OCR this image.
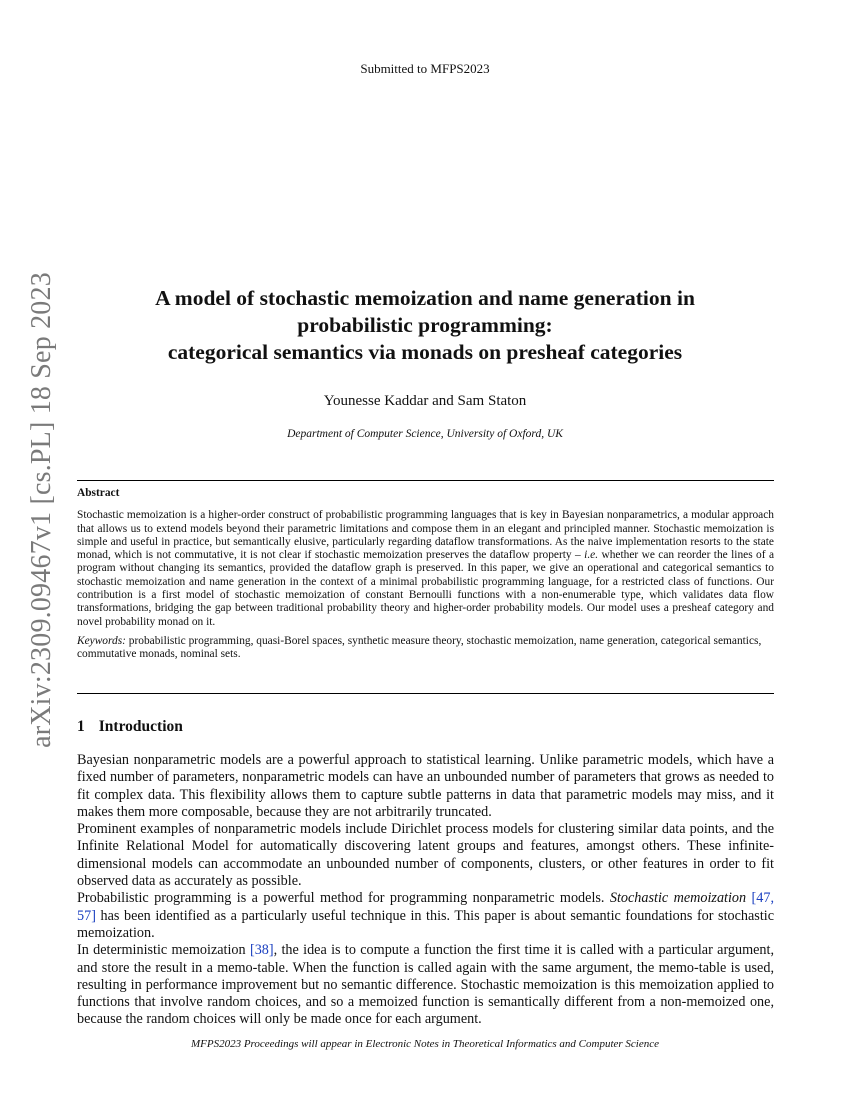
Submitted to MFPS2023
arXiv:2309.09467v1 [cs.PL] 18 Sep 2023	A model of stochastic memoization and name generation in
probabilistic programming:
categorical semantics via monads on presheaf categories
Younesse Kaddar and Sam Staton
Department of Computer Science, University of Oxford, UK
Abstract
Stochastic memoization is a higher-order construct of probabilistic programming languages that is key in Bayesian nonparametrics, a modular approach that allows us to extend models beyond their parametric limitations and compose them in an elegant and principled manner. Stochastic memoization is simple and useful in practice, but semantically elusive, particularly regarding dataflow transformations. As the naive implementation resorts to the state monad, which is not commutative, it is not clear if stochastic memoization preserves the dataflow property – i.e. whether we can reorder the lines of a program without changing its semantics, provided the dataflow graph is preserved. In this paper, we give an operational and categorical semantics to stochastic memoization and name generation in the context of a minimal probabilistic programming language, for a restricted class of functions. Our contribution is a first model of stochastic memoization of constant Bernoulli functions with a non-enumerable type, which validates data flow transformations, bridging the gap between traditional probability theory and higher-order probability models. Our model uses a presheaf category and novel probability monad on it.
Keywords: probabilistic programming, quasi-Borel spaces, synthetic measure theory, stochastic memoization, name generation, categorical semantics, commutative monads, nominal sets.
1 Introduction

Bayesian nonparametric models are a powerful approach to statistical learning. Unlike parametric models, which have a fixed number of parameters, nonparametric models can have an unbounded number of parameters that grows as needed to fit complex data. This flexibility allows them to capture subtle patterns in data that parametric models may miss, and it makes them more composable, because they are not arbitrarily truncated.

Prominent examples of nonparametric models include Dirichlet process models for clustering similar data points, and the Infinite Relational Model for automatically discovering latent groups and features, amongst others. These infinite-dimensional models can accommodate an unbounded number of components, clusters, or other features in order to fit observed data as accurately as possible.

Probabilistic programming is a powerful method for programming nonparametric models. Stochastic memoization [47, 57] has been identified as a particularly useful technique in this. This paper is about semantic foundations for stochastic memoization.

In deterministic memoization [38], the idea is to compute a function the first time it is called with a particular argument, and store the result in a memo-table. When the function is called again with the same argument, the memo-table is used, resulting in performance improvement but no semantic difference. Stochastic memoization is this memoization applied to functions that involve random choices, and so a memoized function is semantically different from a non-memoized one, because the random choices will only be made once for each argument.

MFPS2023 Proceedings will appear in Electronic Notes in Theoretical Informatics and Computer Science
